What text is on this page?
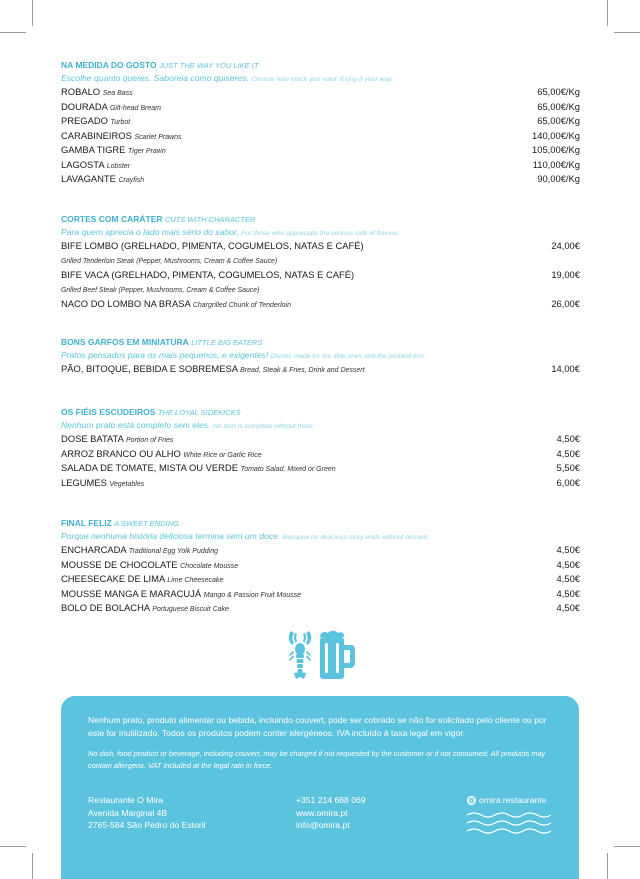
NA MEDIDA DO GOSTO JUST THE WAY YOU LIKE IT
Escolhe quanto queres. Saboreia como quiseres. Choose how much you want. Enjoy it your way.
ROBALO Sea Bass	65,00€/Kg
DOURADA Gilt-head Bream	65,00€/Kg
PREGADO Turbot	65,00€/Kg
CARABINEIROS Scarlet Prawns	140,00€/Kg
GAMBA TIGRE Tiger Prawn	105,00€/Kg
LAGOSTA Lobster	110,00€/Kg
LAVAGANTE Crayfish	90,00€/Kg
CORTES COM CARÁTER CUTS WITH CHARACTER
Para quem aprecia o lado mais sério do sabor. For those who appreciate the serious side of flavour.
BIFE LOMBO (GRELHADO, PIMENTA, COGUMELOS, NATAS E CAFÉ)	24,00€
Grilled Tenderloin Steak (Pepper, Mushrooms, Cream & Coffee Sauce)
BIFE VACA (GRELHADO, PIMENTA, COGUMELOS, NATAS E CAFÉ)	19,00€
Grilled Beef Steak (Pepper, Mushrooms, Cream & Coffee Sauce)
NACO DO LOMBO NA BRASA Chargrilled Chunk of Tenderloin	26,00€
BONS GARFOS EM MINIATURA LITTLE BIG EATERS
Pratos pensados para os mais pequenos, e exigentes! Dishes made for the little ones and the pickiest too!
PÃO, BITOQUE, BEBIDA E SOBREMESA Bread, Steak & Fries, Drink and Dessert	14,00€
OS FIÉIS ESCUDEIROS THE LOYAL SIDEKICKS
Nenhum prato está completo sem eles. No dish is complete without them.
DOSE BATATA Portion of Fries	4,50€
ARROZ BRANCO OU ALHO White Rice or Garlic Rice	4,50€
SALADA DE TOMATE, MISTA OU VERDE Tomato Salad, Mixed or Green	5,50€
LEGUMES Vegetables	6,00€
FINAL FELIZ A SWEET ENDING
Porque nenhuma história deliciosa termina sem um doce. Because no delicious story ends without dessert.
ENCHARCADA Traditional Egg Yolk Pudding	4,50€
MOUSSE DE CHOCOLATE Chocolate Mousse	4,50€
CHEESECAKE DE LIMA Lime Cheesecake	4,50€
MOUSSE MANGA E MARACUJÁ Mango & Passion Fruit Mousse	4,50€
BOLO DE BOLACHA Portuguese Biscuit Cake	4,50€
Nenhum prato, produto alimentar ou bebida, incluindo couvert, pode ser cobrado se não for solicitado pelo cliente ou por este for inutilizado. Todos os produtos podem conter alergéneos. IVA incluído à taxa legal em vigor.
No dish, food product or beverage, including couvert, may be charged if not requested by the customer or if not consumed. All products may contain allergens. VAT included at the legal rate in force.
Restaurante O Mira
Avenida Marginal 4B
2765-584 São Pedro do Estoril
+351 214 688 069
www.omira.pt
info@omira.pt
omira.restaurante
